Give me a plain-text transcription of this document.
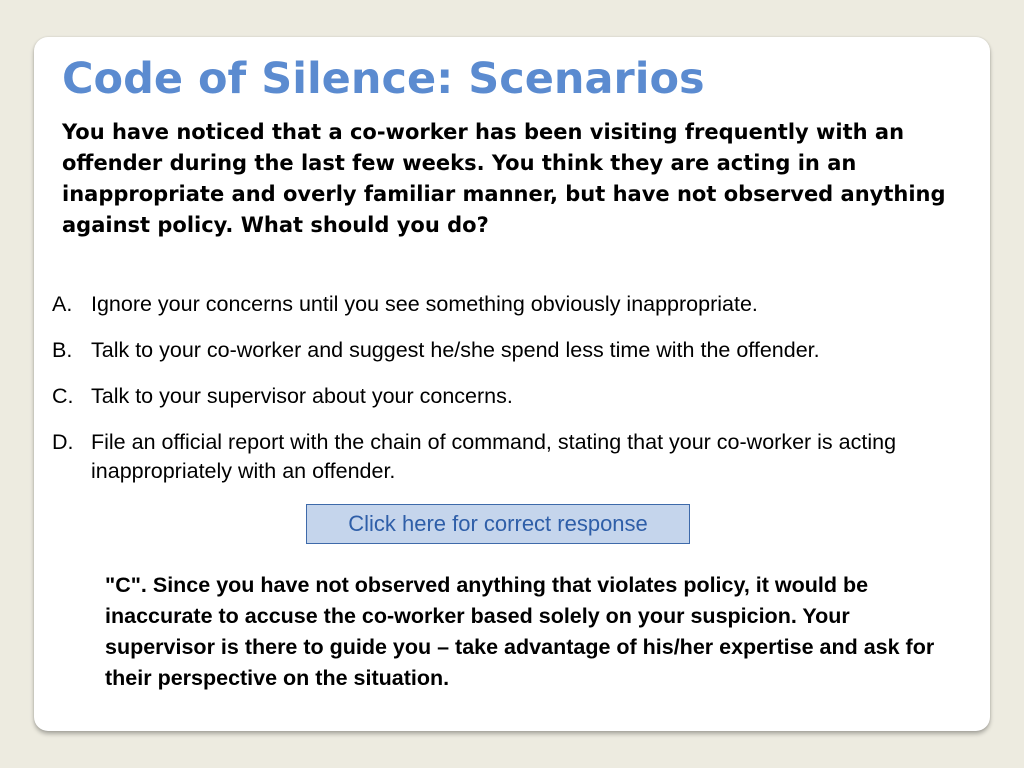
Code of Silence: Scenarios

You have noticed that a co-worker has been visiting frequently with an offender during the last few weeks. You think they are acting in an inappropriate and overly familiar manner, but have not observed anything against policy. What should you do?

A. Ignore your concerns until you see something obviously inappropriate.
B. Talk to your co-worker and suggest he/she spend less time with the offender.
C. Talk to your supervisor about your concerns.
D. File an official report with the chain of command, stating that your co-worker is acting inappropriately with an offender.
Click here for correct response

"C". Since you have not observed anything that violates policy, it would be inaccurate to accuse the co-worker based solely on your suspicion. Your supervisor is there to guide you – take advantage of his/her expertise and ask for their perspective on the situation.
